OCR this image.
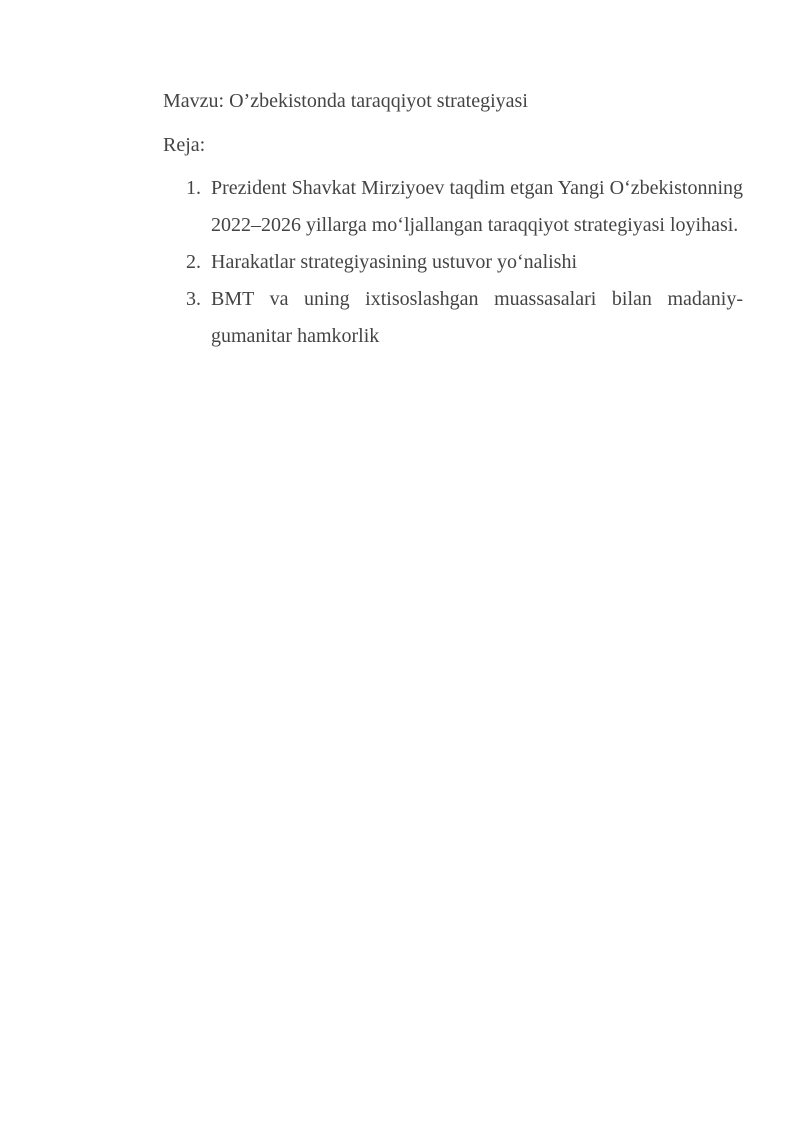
Mavzu: O’zbekistonda taraqqiyot strategiyasi

Reja:

1. Prezident Shavkat Mirziyoev taqdim etgan Yangi O‘zbekistonning 2022–2026 yillarga mo‘ljallangan taraqqiyot strategiyasi loyihasi.
2. Harakatlar strategiyasining ustuvor yo‘nalishi
3. BMT va uning ixtisoslashgan muassasalari bilan madaniy-gumanitar hamkorlik
